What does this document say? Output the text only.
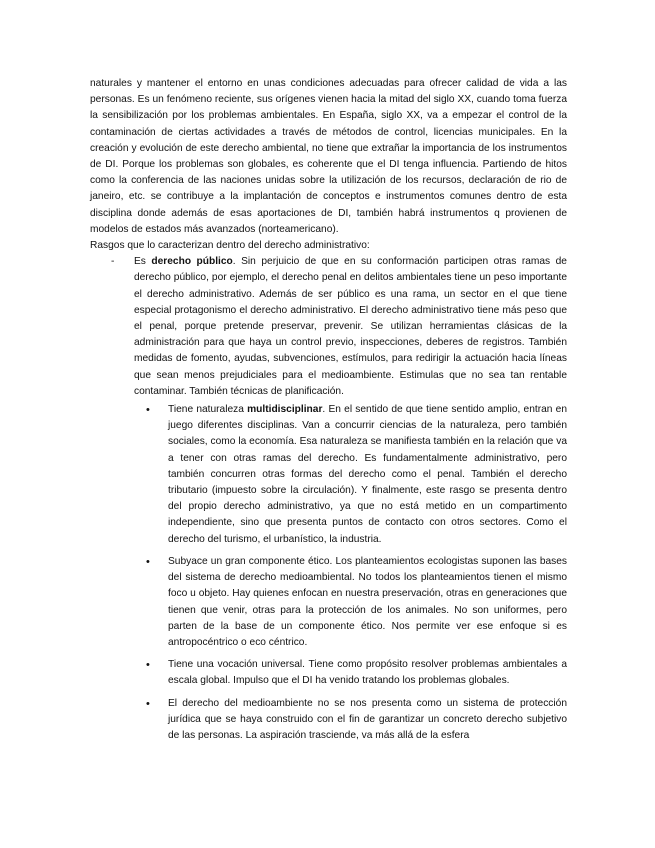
naturales y mantener el entorno en unas condiciones adecuadas para ofrecer calidad de vida a las personas. Es un fenómeno reciente, sus orígenes vienen hacia la mitad del siglo XX, cuando toma fuerza la sensibilización por los problemas ambientales. En España, siglo XX, va a empezar el control de la contaminación de ciertas actividades a través de métodos de control, licencias municipales. En la creación y evolución de este derecho ambiental, no tiene que extrañar la importancia de los instrumentos de DI. Porque los problemas son globales, es coherente que el DI tenga influencia. Partiendo de hitos como la conferencia de las naciones unidas sobre la utilización de los recursos, declaración de rio de janeiro, etc. se contribuye a la implantación de conceptos e instrumentos comunes dentro de esta disciplina donde además de esas aportaciones de DI, también habrá instrumentos q provienen de modelos de estados más avanzados (norteamericano).

Rasgos que lo caracterizan dentro del derecho administrativo:

- Es derecho público. Sin perjuicio de que en su conformación participen otras ramas de derecho público, por ejemplo, el derecho penal en delitos ambientales tiene un peso importante el derecho administrativo. Además de ser público es una rama, un sector en el que tiene especial protagonismo el derecho administrativo. El derecho administrativo tiene más peso que el penal, porque pretende preservar, prevenir. Se utilizan herramientas clásicas de la administración para que haya un control previo, inspecciones, deberes de registros. También medidas de fomento, ayudas, subvenciones, estímulos, para redirigir la actuación hacia líneas que sean menos prejudiciales para el medioambiente. Estimulas que no sea tan rentable contaminar. También técnicas de planificación.

• Tiene naturaleza multidisciplinar. En el sentido de que tiene sentido amplio, entran en juego diferentes disciplinas. Van a concurrir ciencias de la naturaleza, pero también sociales, como la economía. Esa naturaleza se manifiesta también en la relación que va a tener con otras ramas del derecho. Es fundamentalmente administrativo, pero también concurren otras formas del derecho como el penal. También el derecho tributario (impuesto sobre la circulación). Y finalmente, este rasgo se presenta dentro del propio derecho administrativo, ya que no está metido en un compartimento independiente, sino que presenta puntos de contacto con otros sectores. Como el derecho del turismo, el urbanístico, la industria.

• Subyace un gran componente ético. Los planteamientos ecologistas suponen las bases del sistema de derecho medioambiental. No todos los planteamientos tienen el mismo foco u objeto. Hay quienes enfocan en nuestra preservación, otras en generaciones que tienen que venir, otras para la protección de los animales. No son uniformes, pero parten de la base de un componente ético. Nos permite ver ese enfoque si es antropocéntrico o eco céntrico.

• Tiene una vocación universal. Tiene como propósito resolver problemas ambientales a escala global. Impulso que el DI ha venido tratando los problemas globales.

• El derecho del medioambiente no se nos presenta como un sistema de protección jurídica que se haya construido con el fin de garantizar un concreto derecho subjetivo de las personas. La aspiración trasciende, va más allá de la esfera
